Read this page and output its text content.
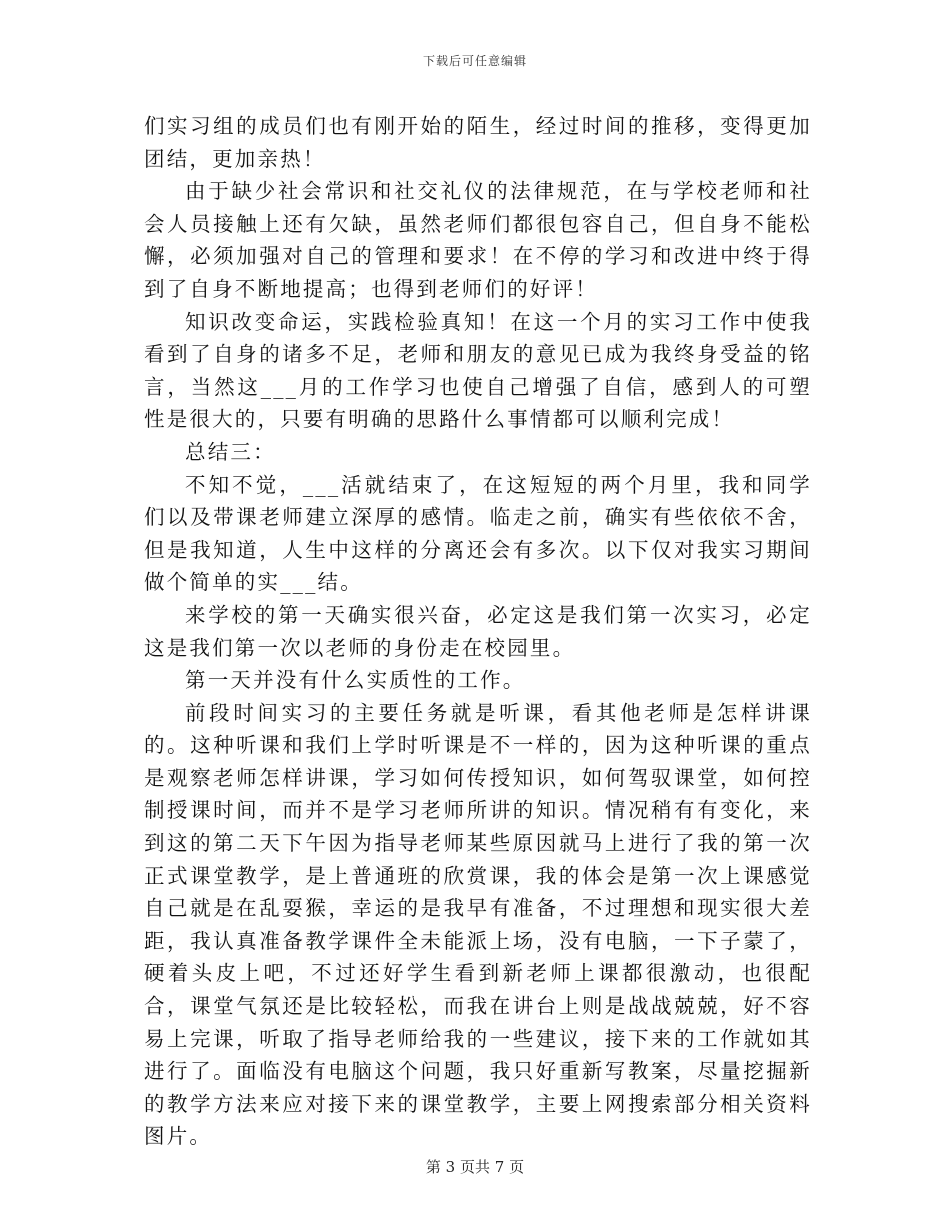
下载后可任意编辑

们实习组的成员们也有刚开始的陌生，经过时间的推移，变得更加团结，更加亲热！

由于缺少社会常识和社交礼仪的法律规范，在与学校老师和社会人员接触上还有欠缺，虽然老师们都很包容自己，但自身不能松懈，必须加强对自己的管理和要求！在不停的学习和改进中终于得到了自身不断地提高；也得到老师们的好评！

知识改变命运，实践检验真知！在这一个月的实习工作中使我看到了自身的诸多不足，老师和朋友的意见已成为我终身受益的铭言，当然这___月的工作学习也使自己增强了自信，感到人的可塑性是很大的，只要有明确的思路什么事情都可以顺利完成！

总结三：

不知不觉，___活就结束了，在这短短的两个月里，我和同学们以及带课老师建立深厚的感情。临走之前，确实有些依依不舍，但是我知道，人生中这样的分离还会有多次。以下仅对我实习期间做个简单的实___结。

来学校的第一天确实很兴奋，必定这是我们第一次实习，必定这是我们第一次以老师的身份走在校园里。

第一天并没有什么实质性的工作。

前段时间实习的主要任务就是听课，看其他老师是怎样讲课的。这种听课和我们上学时听课是不一样的，因为这种听课的重点是观察老师怎样讲课，学习如何传授知识，如何驾驭课堂，如何控制授课时间，而并不是学习老师所讲的知识。情况稍有有变化，来到这的第二天下午因为指导老师某些原因就马上进行了我的第一次正式课堂教学，是上普通班的欣赏课，我的体会是第一次上课感觉自己就是在乱耍猴，幸运的是我早有准备，不过理想和现实很大差距，我认真准备教学课件全未能派上场，没有电脑，一下子蒙了，硬着头皮上吧，不过还好学生看到新老师上课都很激动，也很配合，课堂气氛还是比较轻松，而我在讲台上则是战战兢兢，好不容易上完课，听取了指导老师给我的一些建议，接下来的工作就如其进行了。面临没有电脑这个问题，我只好重新写教案，尽量挖掘新的教学方法来应对接下来的课堂教学，主要上网搜索部分相关资料图片。

第 3 页共 7 页
